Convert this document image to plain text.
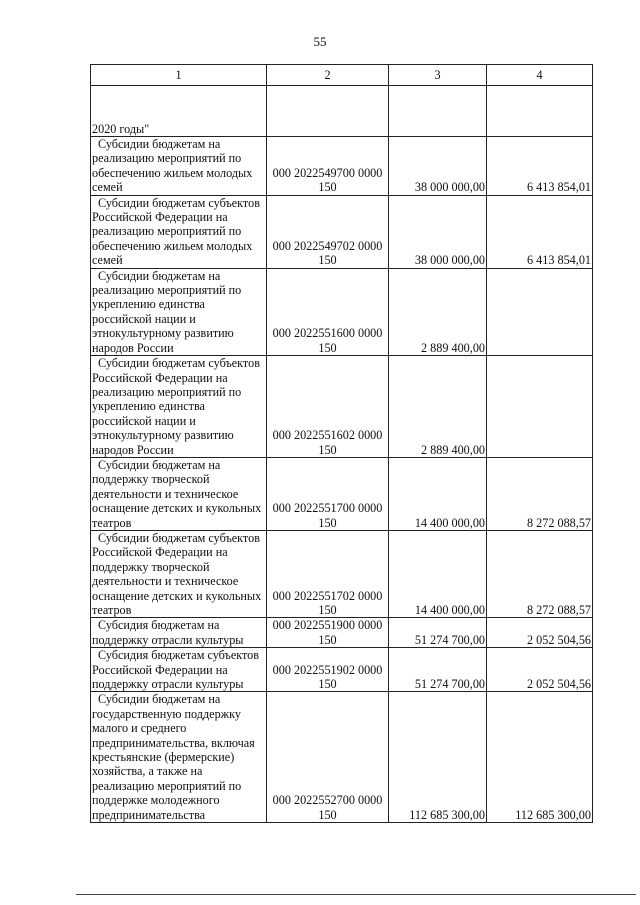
55
1	2	3	4
2020 годы"			

Субсидии бюджетам на реализацию мероприятий по обеспечению жильем молодых семей	000 2022549700 0000 150	38 000 000,00	6 413 854,01

Субсидии бюджетам субъектов Российской Федерации на реализацию мероприятий по обеспечению жильем молодых семей	000 2022549702 0000 150	38 000 000,00	6 413 854,01

Субсидии бюджетам на реализацию мероприятий по укреплению единства российской нации и этнокультурному развитию народов России	000 2022551600 0000 150	2 889 400,00	

Субсидии бюджетам субъектов Российской Федерации на реализацию мероприятий по укреплению единства российской нации и этнокультурному развитию народов России	000 2022551602 0000 150	2 889 400,00	

Субсидии бюджетам на поддержку творческой деятельности и техническое оснащение детских и кукольных театров	000 2022551700 0000 150	14 400 000,00	8 272 088,57

Субсидии бюджетам субъектов Российской Федерации на поддержку творческой деятельности и техническое оснащение детских и кукольных театров	000 2022551702 0000 150	14 400 000,00	8 272 088,57

Субсидия бюджетам на поддержку отрасли культуры	000 2022551900 0000 150	51 274 700,00	2 052 504,56

Субсидия бюджетам субъектов Российской Федерации на поддержку отрасли культуры	000 2022551902 0000 150	51 274 700,00	2 052 504,56

Субсидии бюджетам на государственную поддержку малого и среднего предпринимательства, включая крестьянские (фермерские) хозяйства, а также на реализацию мероприятий по поддержке молодежного предпринимательства	000 2022552700 0000 150	112 685 300,00	112 685 300,00
